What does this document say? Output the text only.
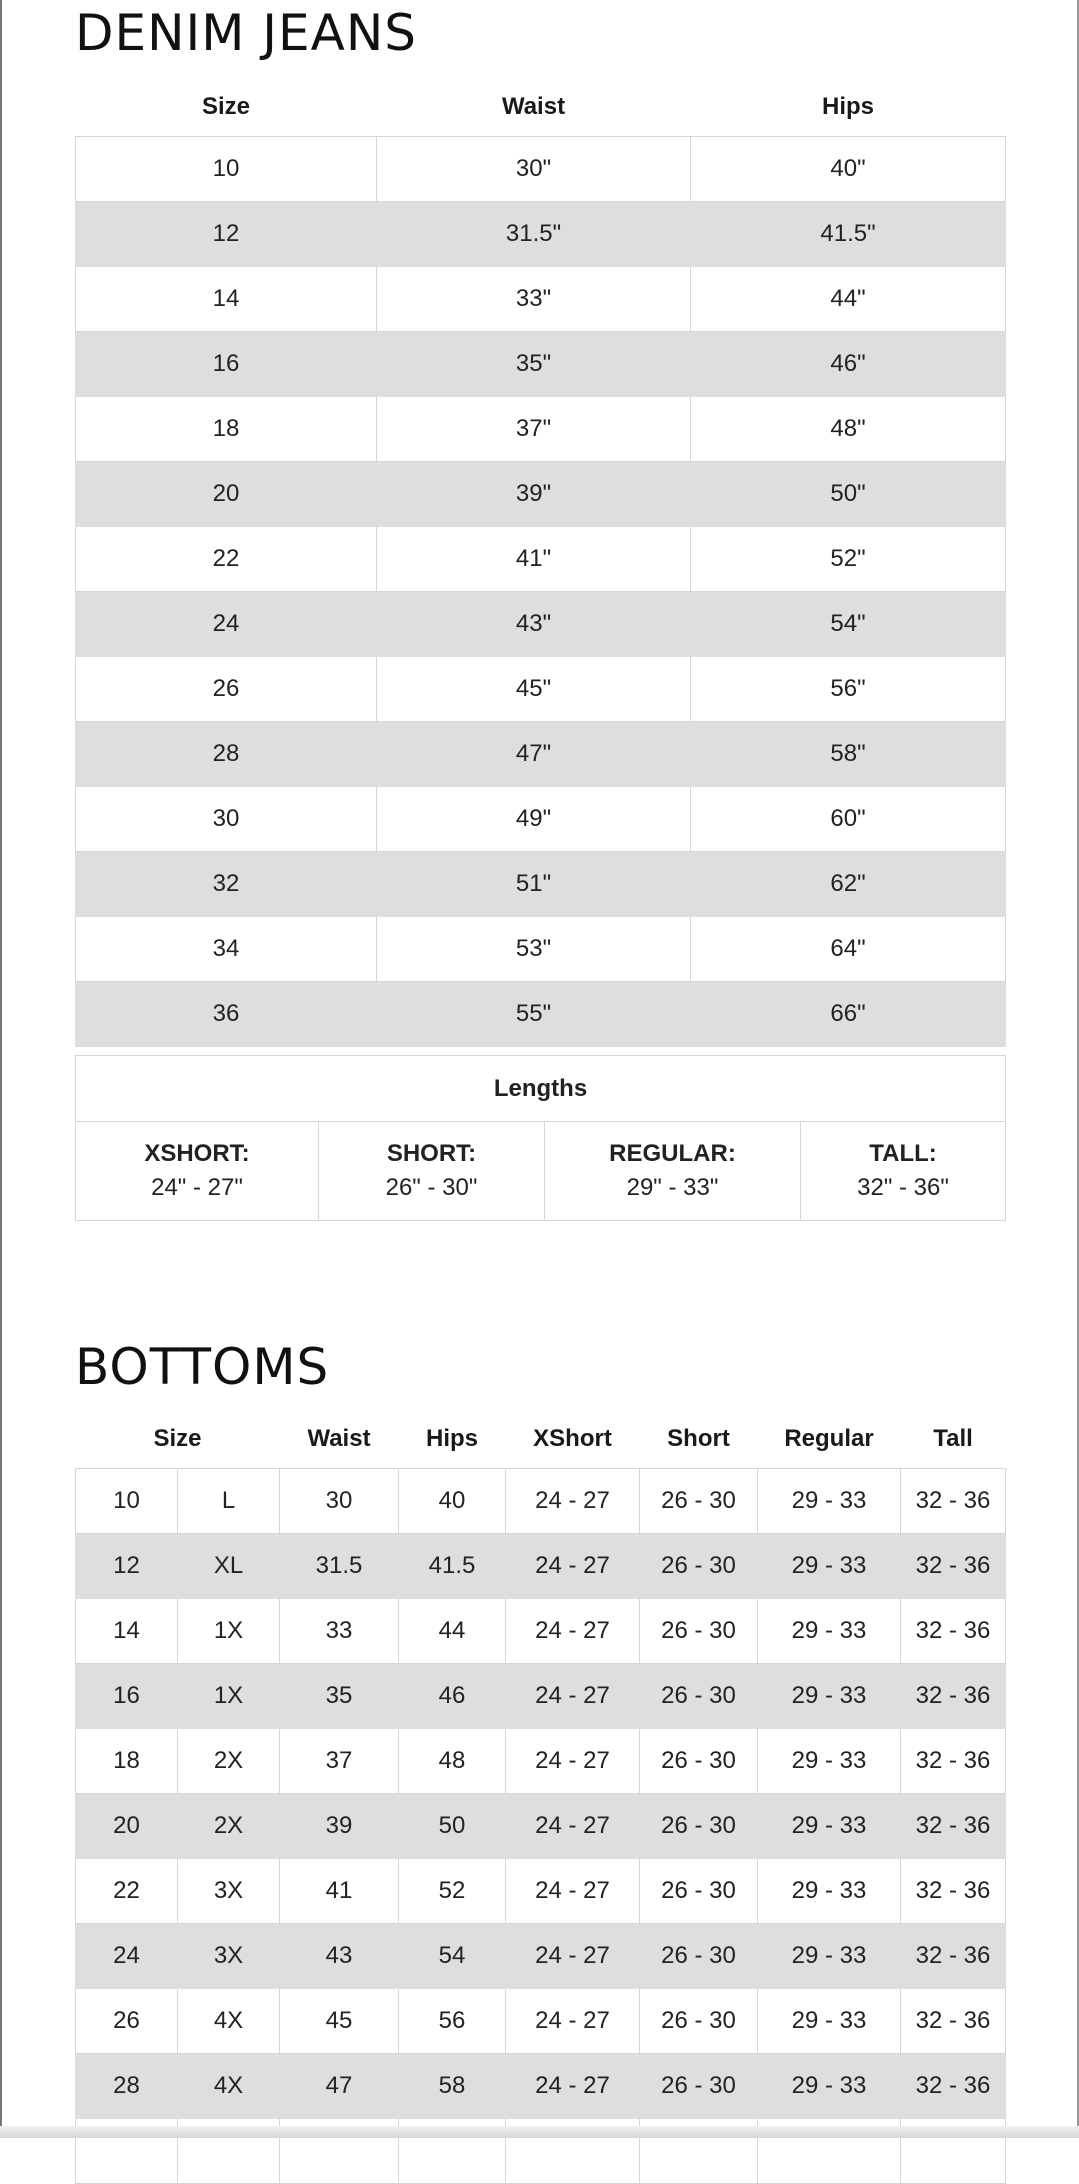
DENIM JEANS
Size	Waist	Hips
10	30"	40"
12	31.5"	41.5"
14	33"	44"
16	35"	46"
18	37"	48"
20	39"	50"
22	41"	52"
24	43"	54"
26	45"	56"
28	47"	58"
30	49"	60"
32	51"	62"
34	53"	64"
36	55"	66"
Lengths

XSHORT:
24" - 27"

SHORT:
26" - 30"

REGULAR:
29" - 33"

TALL:
32" - 36"
BOTTOMS
Size		Waist	Hips	XShort	Short	Regular	Tall
10	L	30	40	24 - 27	26 - 30	29 - 33	32 - 36
12	XL	31.5	41.5	24 - 27	26 - 30	29 - 33	32 - 36
14	1X	33	44	24 - 27	26 - 30	29 - 33	32 - 36
16	1X	35	46	24 - 27	26 - 30	29 - 33	32 - 36
18	2X	37	48	24 - 27	26 - 30	29 - 33	32 - 36
20	2X	39	50	24 - 27	26 - 30	29 - 33	32 - 36
22	3X	41	52	24 - 27	26 - 30	29 - 33	32 - 36
24	3X	43	54	24 - 27	26 - 30	29 - 33	32 - 36
26	4X	45	56	24 - 27	26 - 30	29 - 33	32 - 36
28	4X	47	58	24 - 27	26 - 30	29 - 33	32 - 36
